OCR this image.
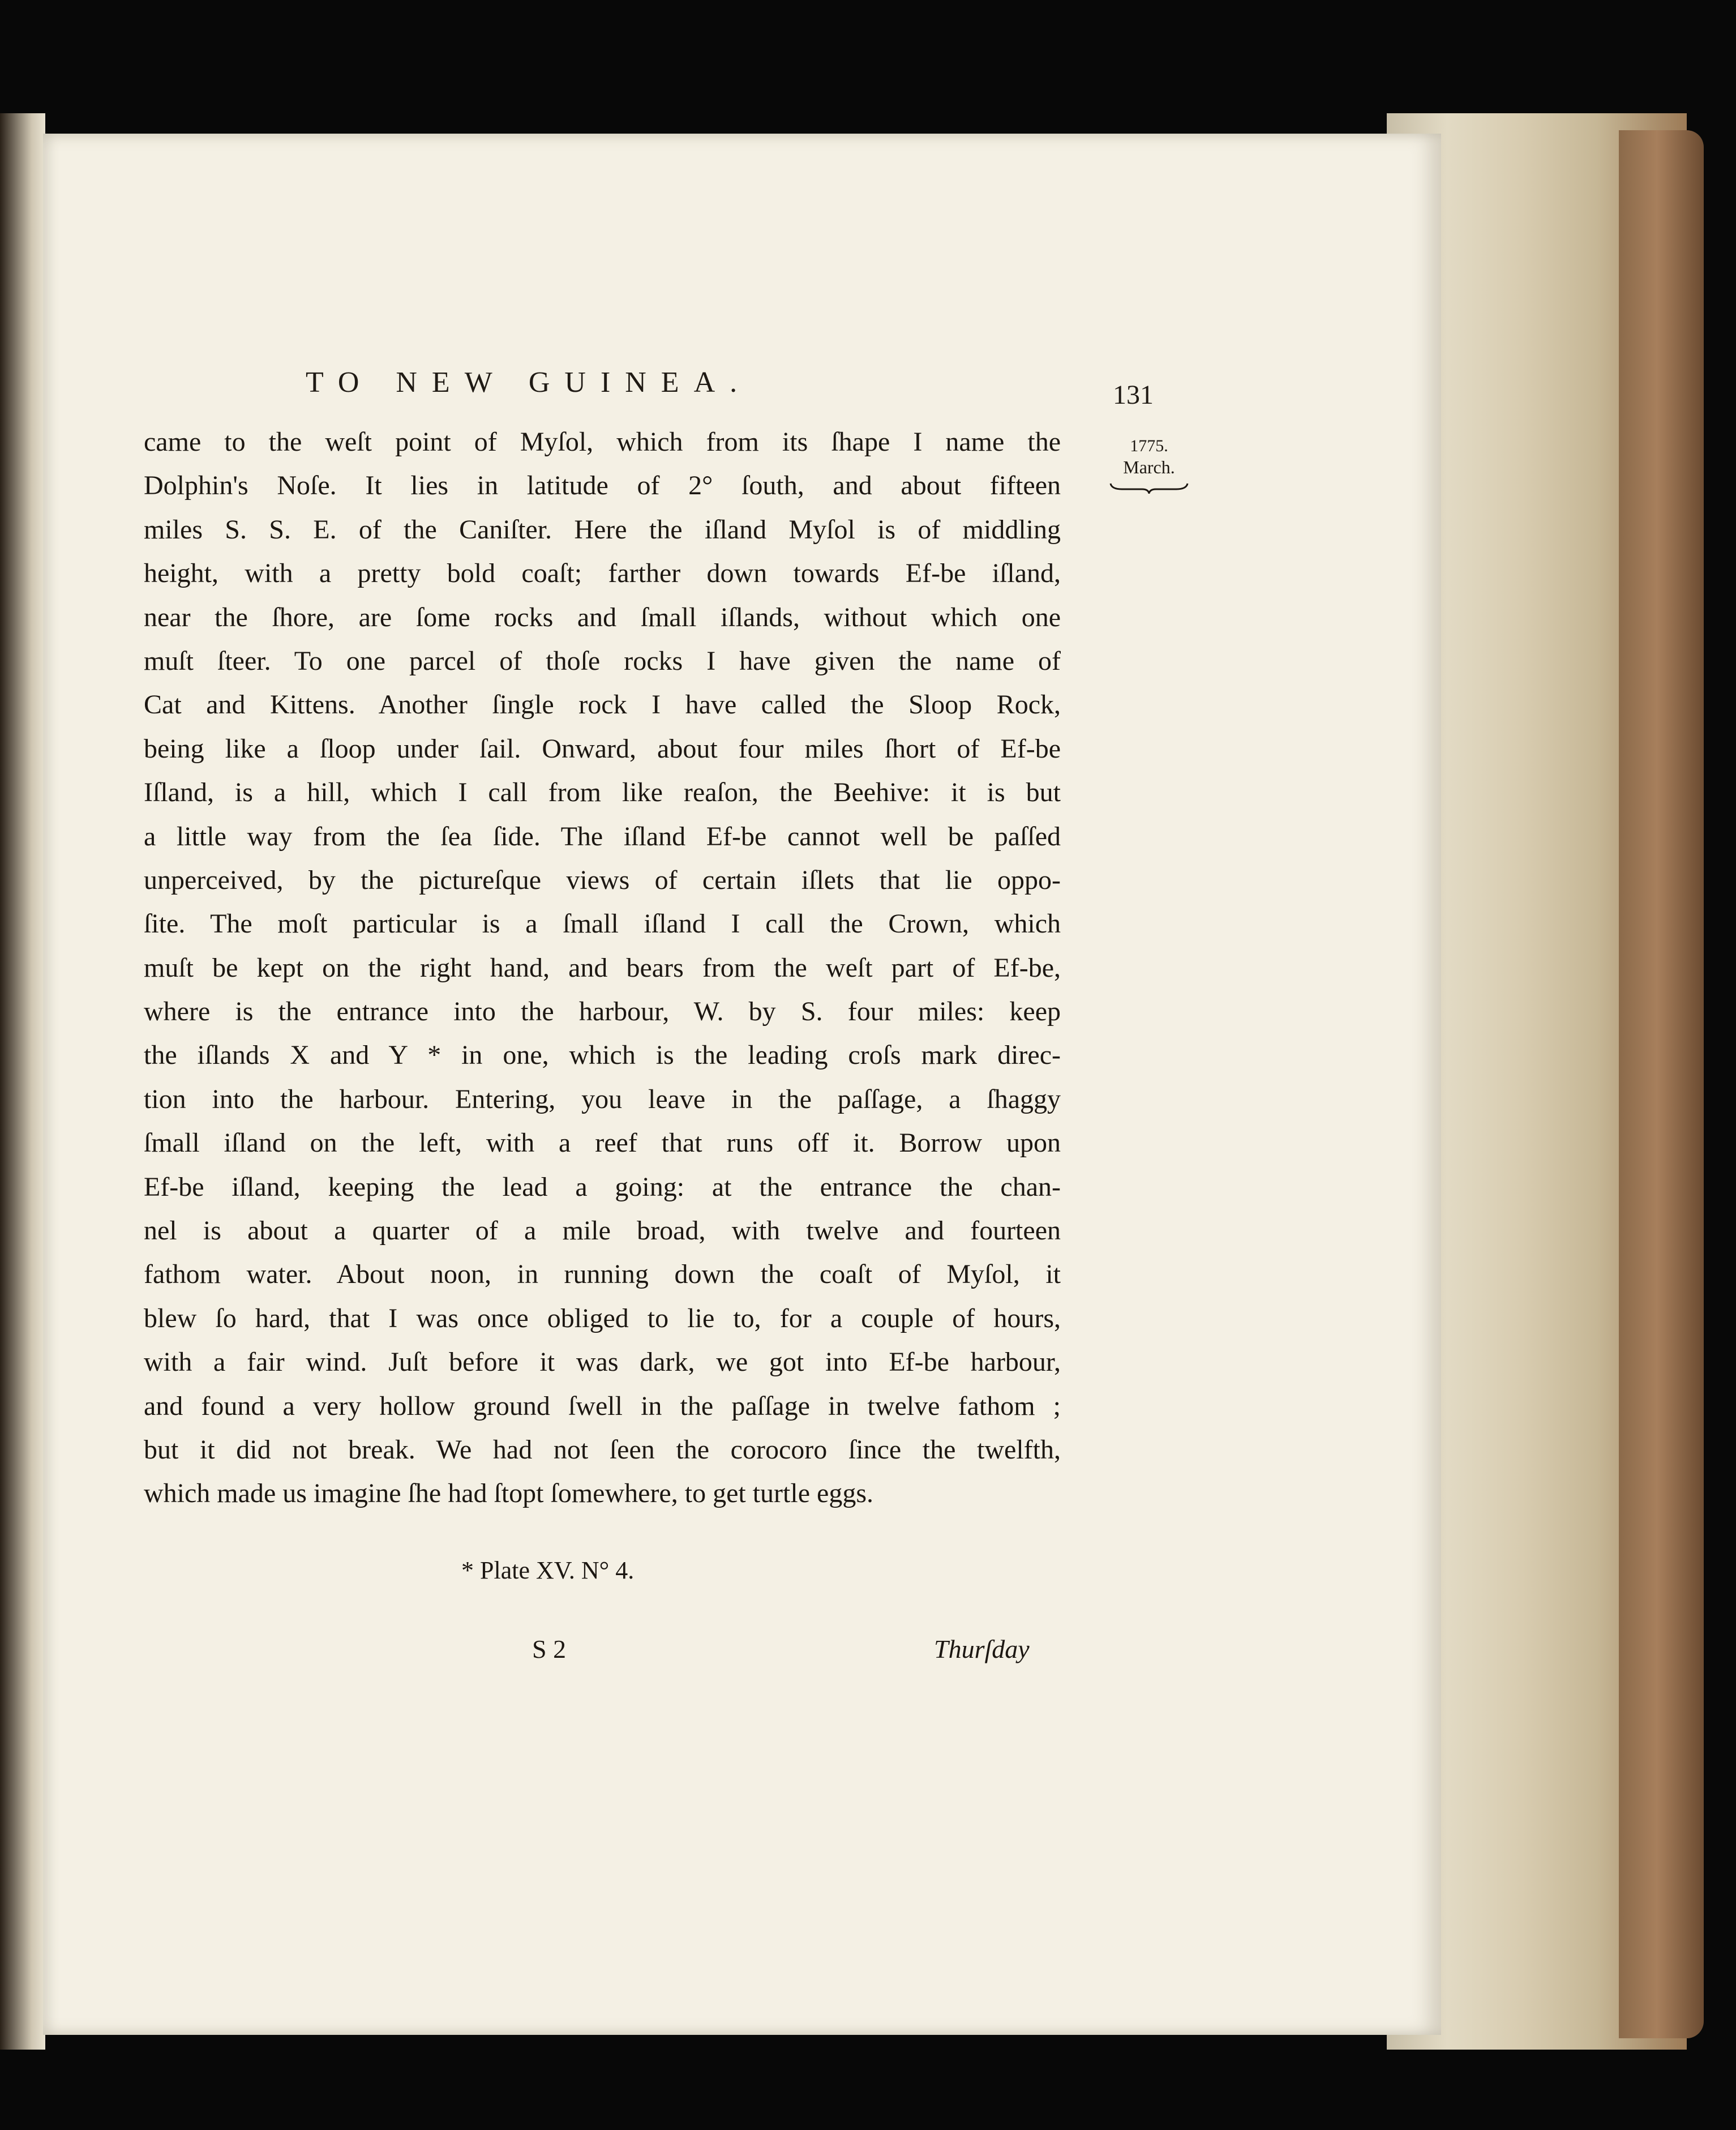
TO NEW GUINEA.	131
1775.
March.
came to the weſt point of Myſol, which from its ſhape I name the
Dolphin's Noſe. It lies in latitude of 2° ſouth, and about fifteen
miles S. S. E. of the Caniſter. Here the iſland Myſol is of middling
height, with a pretty bold coaſt; farther down towards Ef-be iſland,
near the ſhore, are ſome rocks and ſmall iſlands, without which one
muſt ſteer. To one parcel of thoſe rocks I have given the name of
Cat and Kittens. Another ſingle rock I have called the Sloop Rock,
being like a ſloop under ſail. Onward, about four miles ſhort of Ef-be
Iſland, is a hill, which I call from like reaſon, the Beehive: it is but
a little way from the ſea ſide. The iſland Ef-be cannot well be paſſed
unperceived, by the pictureſque views of certain iſlets that lie oppo-
ſite. The moſt particular is a ſmall iſland I call the Crown, which
muſt be kept on the right hand, and bears from the weſt part of Ef-be,
where is the entrance into the harbour, W. by S. four miles: keep
the iſlands X and Y * in one, which is the leading croſs mark direc-
tion into the harbour. Entering, you leave in the paſſage, a ſhaggy
ſmall iſland on the left, with a reef that runs off it. Borrow upon
Ef-be iſland, keeping the lead a going: at the entrance the chan-
nel is about a quarter of a mile broad, with twelve and fourteen
fathom water. About noon, in running down the coaſt of Myſol, it
blew ſo hard, that I was once obliged to lie to, for a couple of hours,
with a fair wind. Juſt before it was dark, we got into Ef-be harbour,
and found a very hollow ground ſwell in the paſſage in twelve fathom ;
but it did not break. We had not ſeen the corocoro ſince the twelfth,
which made us imagine ſhe had ſtopt ſomewhere, to get turtle eggs.
* Plate XV. N° 4.
S 2	Thurſday
